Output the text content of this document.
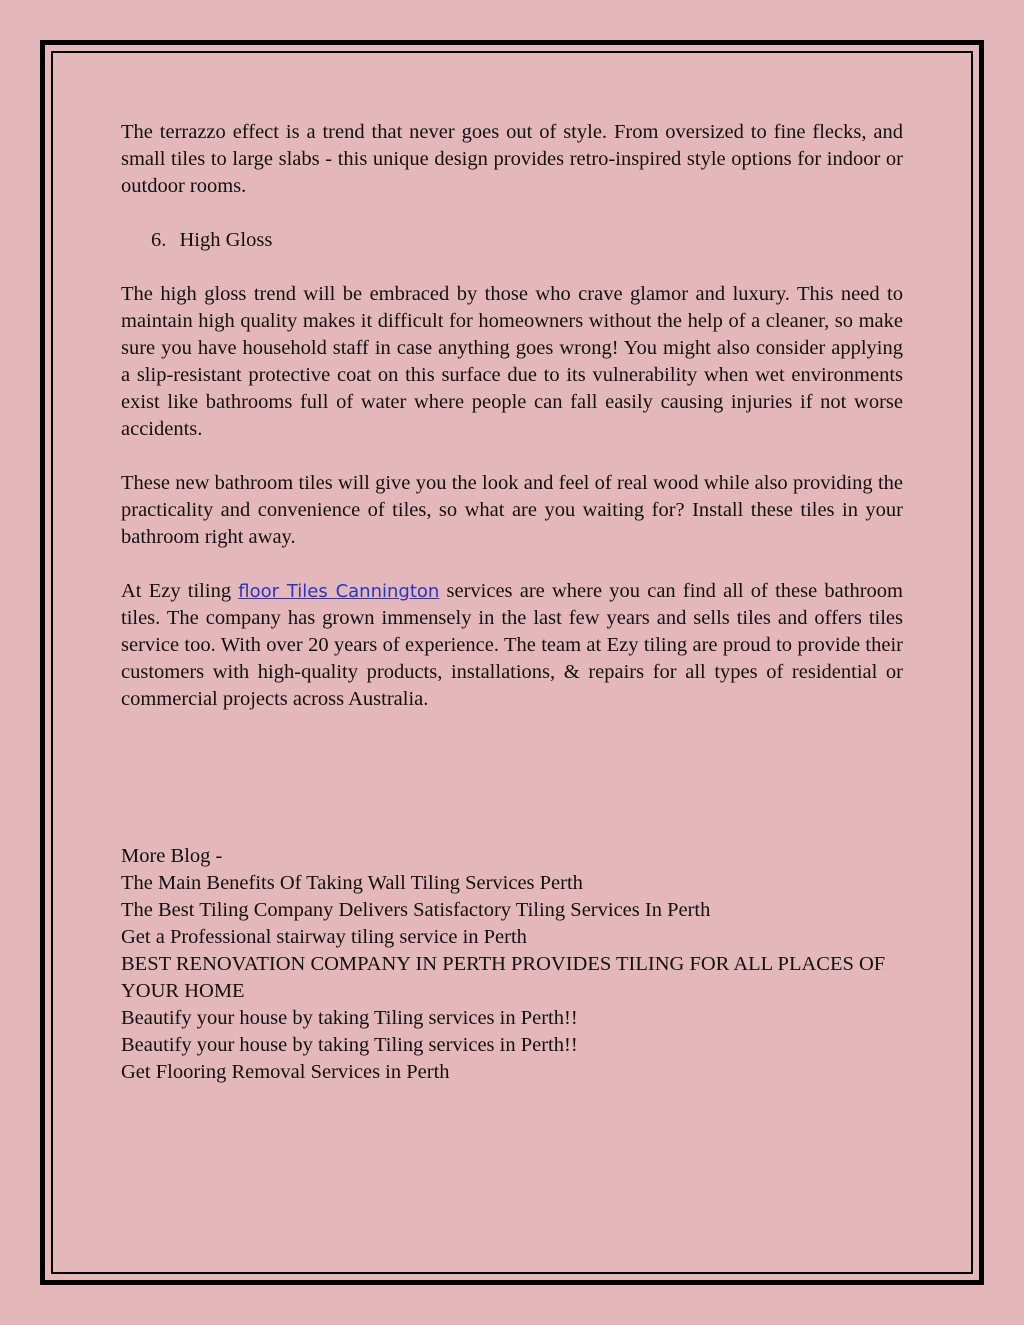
The terrazzo effect is a trend that never goes out of style. From oversized to fine flecks, and small tiles to large slabs - this unique design provides retro-inspired style options for indoor or outdoor rooms.

6. High Gloss

The high gloss trend will be embraced by those who crave glamor and luxury. This need to maintain high quality makes it difficult for homeowners without the help of a cleaner, so make sure you have household staff in case anything goes wrong! You might also consider applying a slip-resistant protective coat on this surface due to its vulnerability when wet environments exist like bathrooms full of water where people can fall easily causing injuries if not worse accidents.

These new bathroom tiles will give you the look and feel of real wood while also providing the practicality and convenience of tiles, so what are you waiting for? Install these tiles in your bathroom right away.

At Ezy tiling floor Tiles Cannington services are where you can find all of these bathroom tiles. The company has grown immensely in the last few years and sells tiles and offers tiles service too. With over 20 years of experience. The team at Ezy tiling are proud to provide their customers with high-quality products, installations, & repairs for all types of residential or commercial projects across Australia.

More Blog -
The Main Benefits Of Taking Wall Tiling Services Perth
The Best Tiling Company Delivers Satisfactory Tiling Services In Perth
Get a Professional stairway tiling service in Perth
BEST RENOVATION COMPANY IN PERTH PROVIDES TILING FOR ALL PLACES OF YOUR HOME
Beautify your house by taking Tiling services in Perth!!
Beautify your house by taking Tiling services in Perth!!
Get Flooring Removal Services in Perth
